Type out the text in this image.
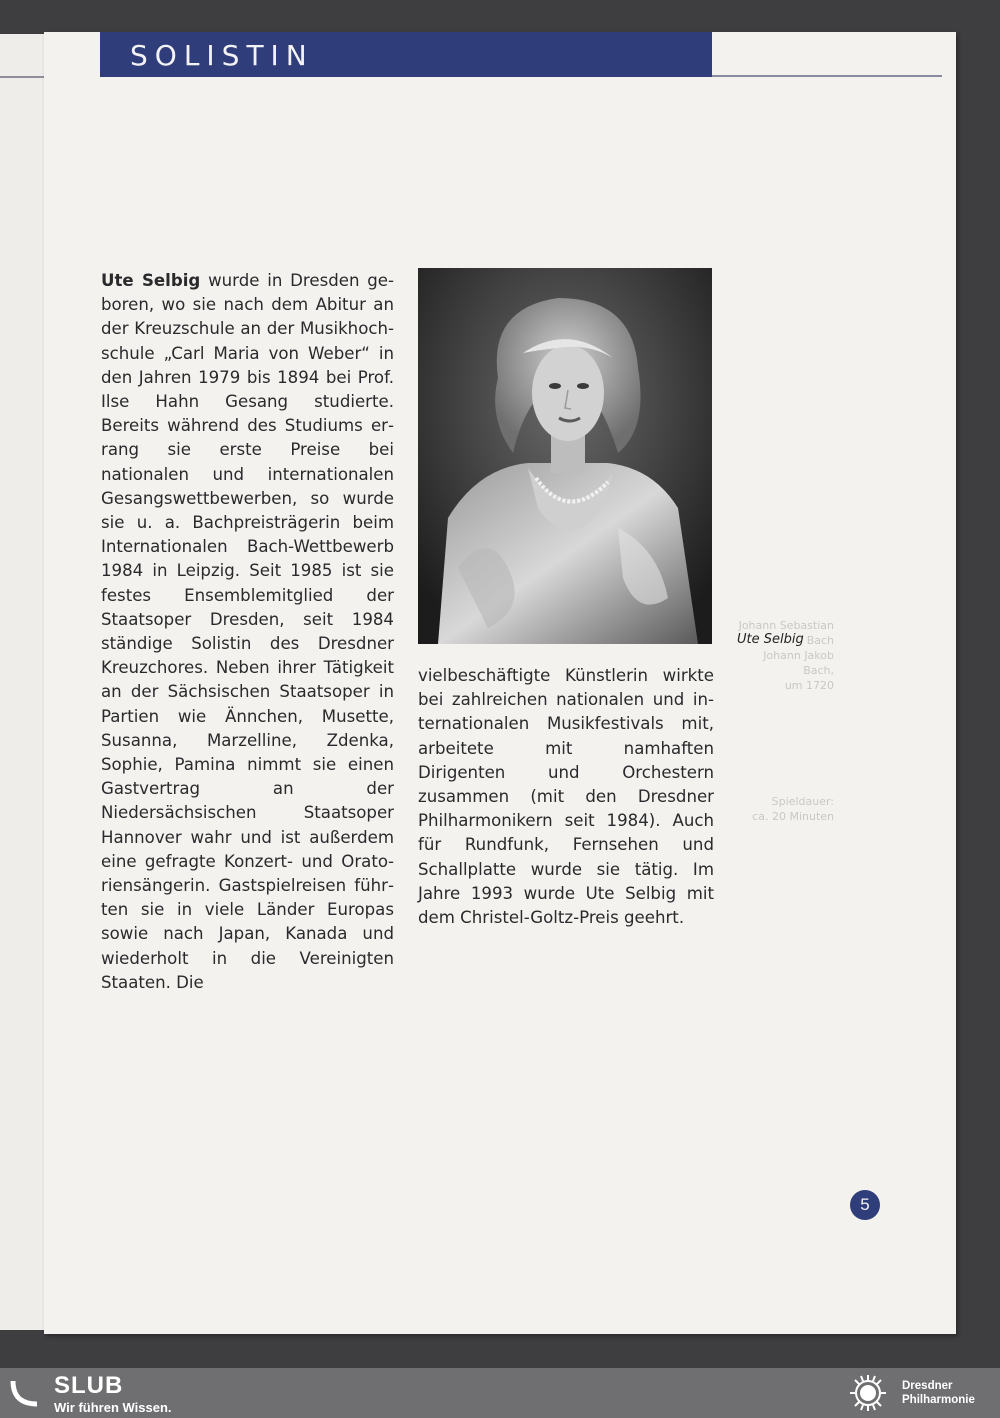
SOLISTIN
Ute Selbig wurde in Dresden geboren, wo sie nach dem Abitur an der Kreuzschule an der Musikhochschule „Carl Maria von Weber“ in den Jahren 1979 bis 1894 bei Prof. Ilse Hahn Gesang studierte. Bereits während des Studiums errang sie erste Preise bei nationalen und internationalen Gesangswettbewerben, so wurde sie u. a. Bachpreisträgerin beim Internationalen Bach-Wettbewerb 1984 in Leipzig. Seit 1985 ist sie festes Ensemblemitglied der Staatsoper Dresden, seit 1984 ständige Solistin des Dresdner Kreuzchores. Neben ihrer Tätigkeit an der Sächsischen Staatsoper in Partien wie Ännchen, Musette, Susanna, Marzelline, Zdenka, Sophie, Pamina nimmt sie einen Gastvertrag an der Niedersächsischen Staatsoper Hannover wahr und ist außerdem eine gefragte Konzert- und Oratoriensängerin. Gastspielreisen führten sie in viele Länder Europas sowie nach Japan, Kanada und wiederholt in die Vereinigten Staaten. Die
Ute Selbig
Johann Sebastian
Bach
Johann Jakob Bach,
um 1720
Spieldauer:
ca. 20 Minuten
vielbeschäftigte Künstlerin wirkte bei zahlreichen nationalen und internationalen Musikfestivals mit, arbeitete mit namhaften Dirigenten und Orchestern zusammen (mit den Dresdner Philharmonikern seit 1984). Auch für Rundfunk, Fernsehen und Schallplatte wurde sie tätig. Im Jahre 1993 wurde Ute Selbig mit dem Christel-Goltz-Preis geehrt.
5
SLUB
Wir führen Wissen.
Dresdner
Philharmonie
